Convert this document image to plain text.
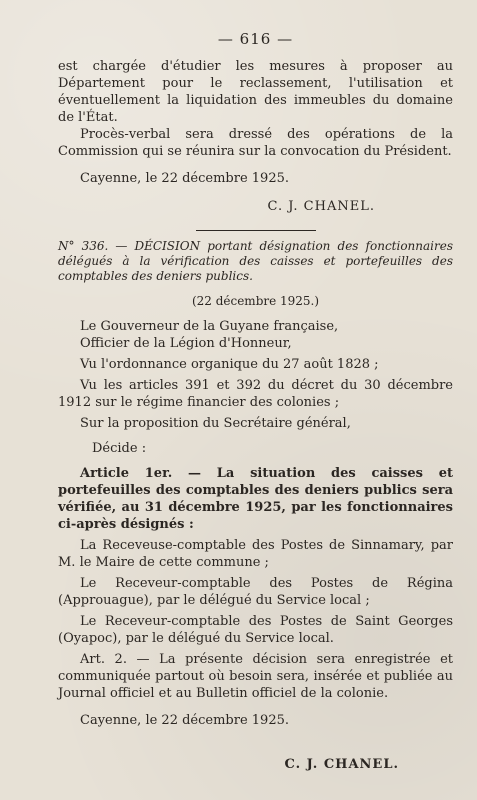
— 616 —

est chargée d'étudier les mesures à proposer au Département pour le reclassement, l'utilisation et éventuellement la liquidation des immeubles du domaine de l'État.

Procès-verbal sera dressé des opérations de la Commission qui se réunira sur la convocation du Président.

Cayenne, le 22 décembre 1925.

C. J. CHANEL.

N° 336. — DÉCISION portant désignation des fonctionnaires délégués à la vérification des caisses et portefeuilles des comptables des deniers publics.

(22 décembre 1925.)

Le Gouverneur de la Guyane française,

Officier de la Légion d'Honneur,

Vu l'ordonnance organique du 27 août 1828 ;

Vu les articles 391 et 392 du décret du 30 décembre 1912 sur le régime financier des colonies ;

Sur la proposition du Secrétaire général,

Décide :

Article 1er. — La situation des caisses et portefeuilles des comptables des deniers publics sera vérifiée, au 31 décembre 1925, par les fonctionnaires ci-après désignés :

La Receveuse-comptable des Postes de Sinnamary, par M. le Maire de cette commune ;

Le Receveur-comptable des Postes de Régina (Approuague), par le délégué du Service local ;

Le Receveur-comptable des Postes de Saint Georges (Oyapoc), par le délégué du Service local.

Art. 2. — La présente décision sera enregistrée et communiquée partout où besoin sera, insérée et publiée au Journal officiel et au Bulletin officiel de la colonie.

Cayenne, le 22 décembre 1925.

C. J. CHANEL.
